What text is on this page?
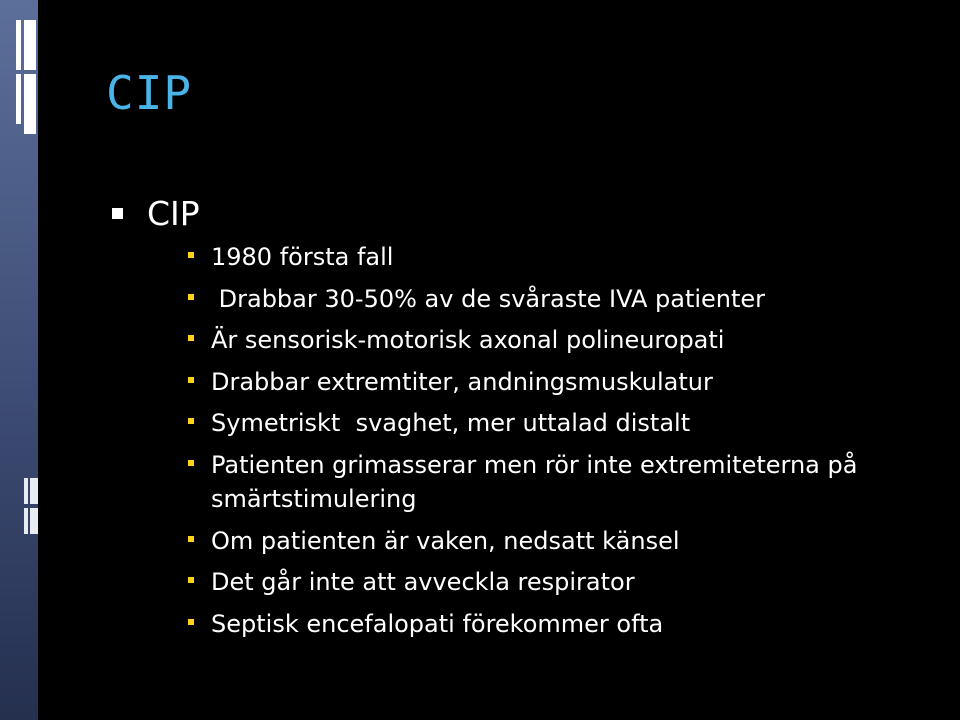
CIP
CIP
1980 första fall
Drabbar 30-50% av de svåraste IVA patienter
Är sensorisk-motorisk axonal polineuropati
Drabbar extremtiter, andningsmuskulatur
Symetriskt  svaghet, mer uttalad distalt
Patienten grimasserar men rör inte extremiteterna på smärtstimulering
Om patienten är vaken, nedsatt känsel
Det går inte att avveckla respirator
Septisk encefalopati förekommer ofta
